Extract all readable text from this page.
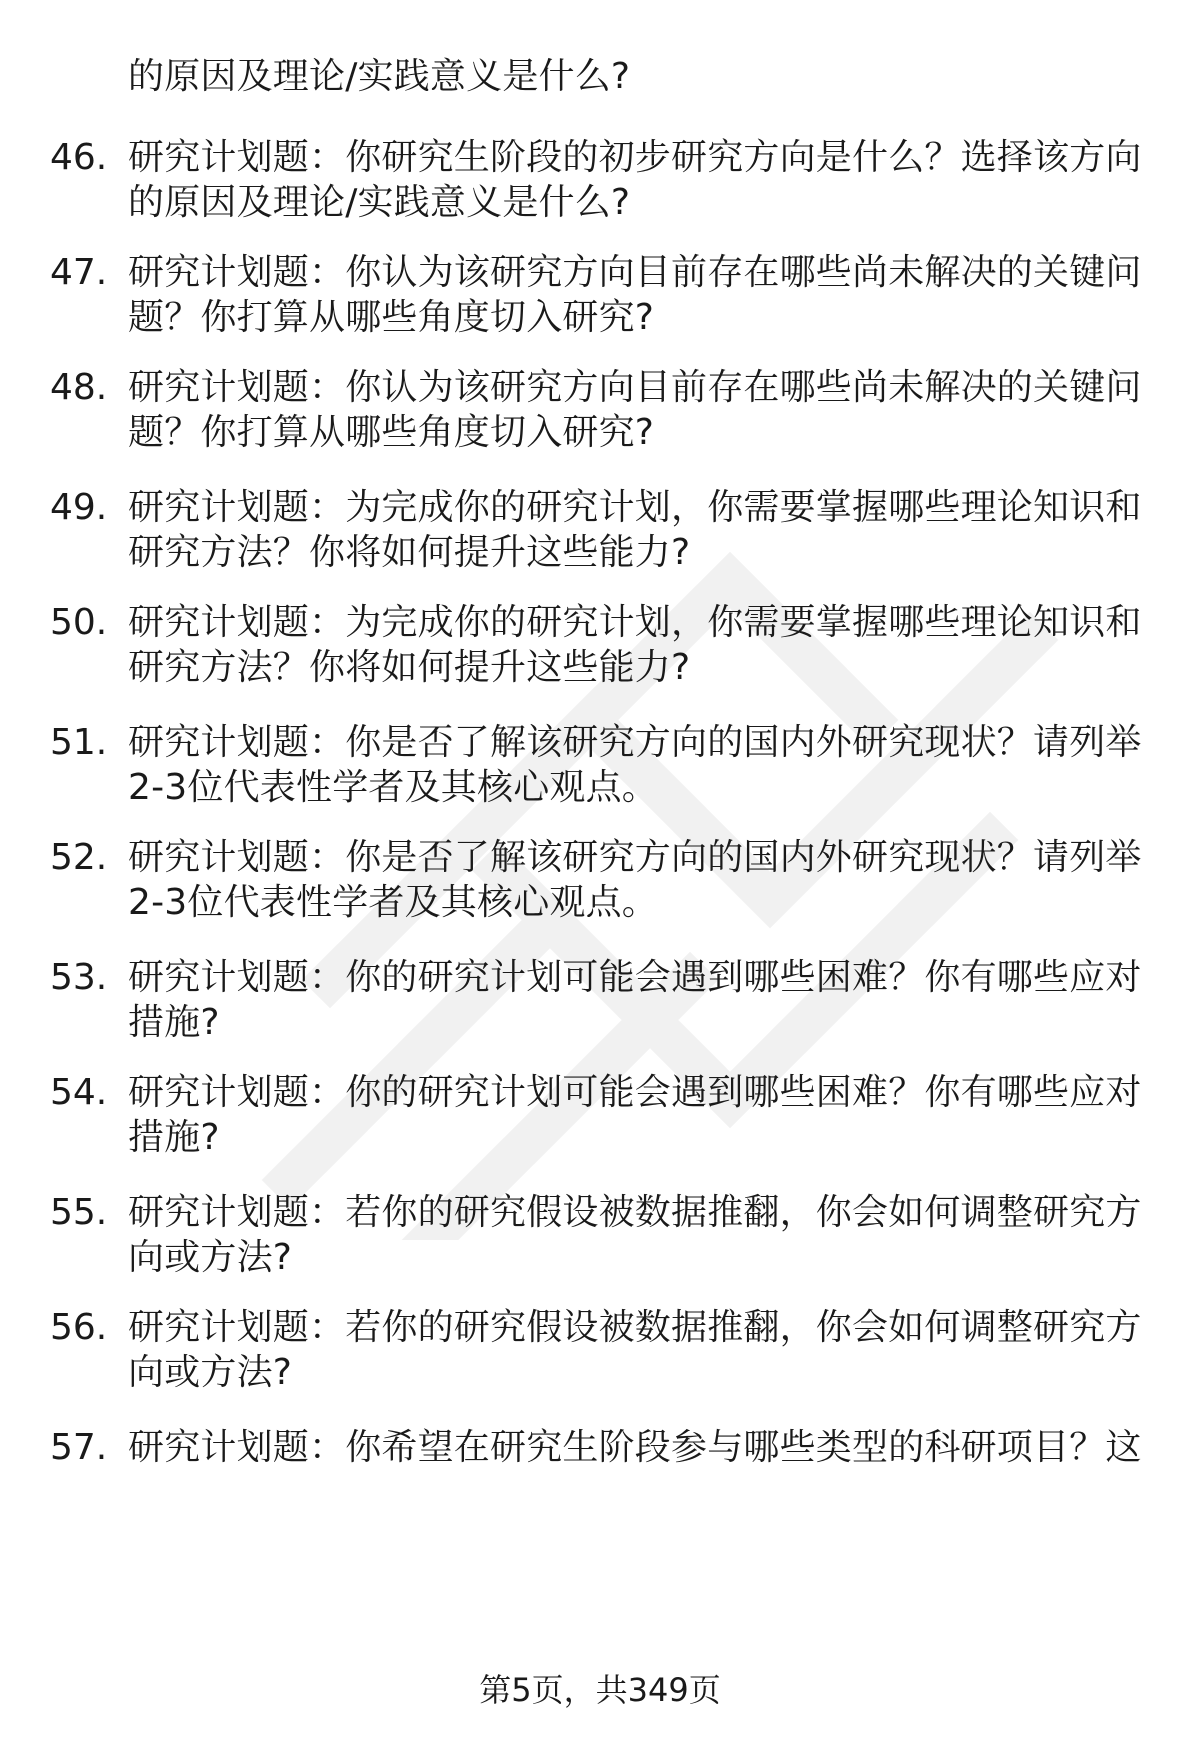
的原因及理论/实践意义是什么?
46. 研究计划题：你研究生阶段的初步研究方向是什么？选择该方向
的原因及理论/实践意义是什么?
47. 研究计划题：你认为该研究方向目前存在哪些尚未解决的关键问
题？你打算从哪些角度切入研究?
48. 研究计划题：你认为该研究方向目前存在哪些尚未解决的关键问
题？你打算从哪些角度切入研究?
49. 研究计划题：为完成你的研究计划，你需要掌握哪些理论知识和
研究方法？你将如何提升这些能力?
50. 研究计划题：为完成你的研究计划，你需要掌握哪些理论知识和
研究方法？你将如何提升这些能力?
51. 研究计划题：你是否了解该研究方向的国内外研究现状？请列举
2-3位代表性学者及其核心观点。
52. 研究计划题：你是否了解该研究方向的国内外研究现状？请列举
2-3位代表性学者及其核心观点。
53. 研究计划题：你的研究计划可能会遇到哪些困难？你有哪些应对
措施?
54. 研究计划题：你的研究计划可能会遇到哪些困难？你有哪些应对
措施?
55. 研究计划题：若你的研究假设被数据推翻，你会如何调整研究方
向或方法?
56. 研究计划题：若你的研究假设被数据推翻，你会如何调整研究方
向或方法?
57. 研究计划题：你希望在研究生阶段参与哪些类型的科研项目？这
第5页，共349页
